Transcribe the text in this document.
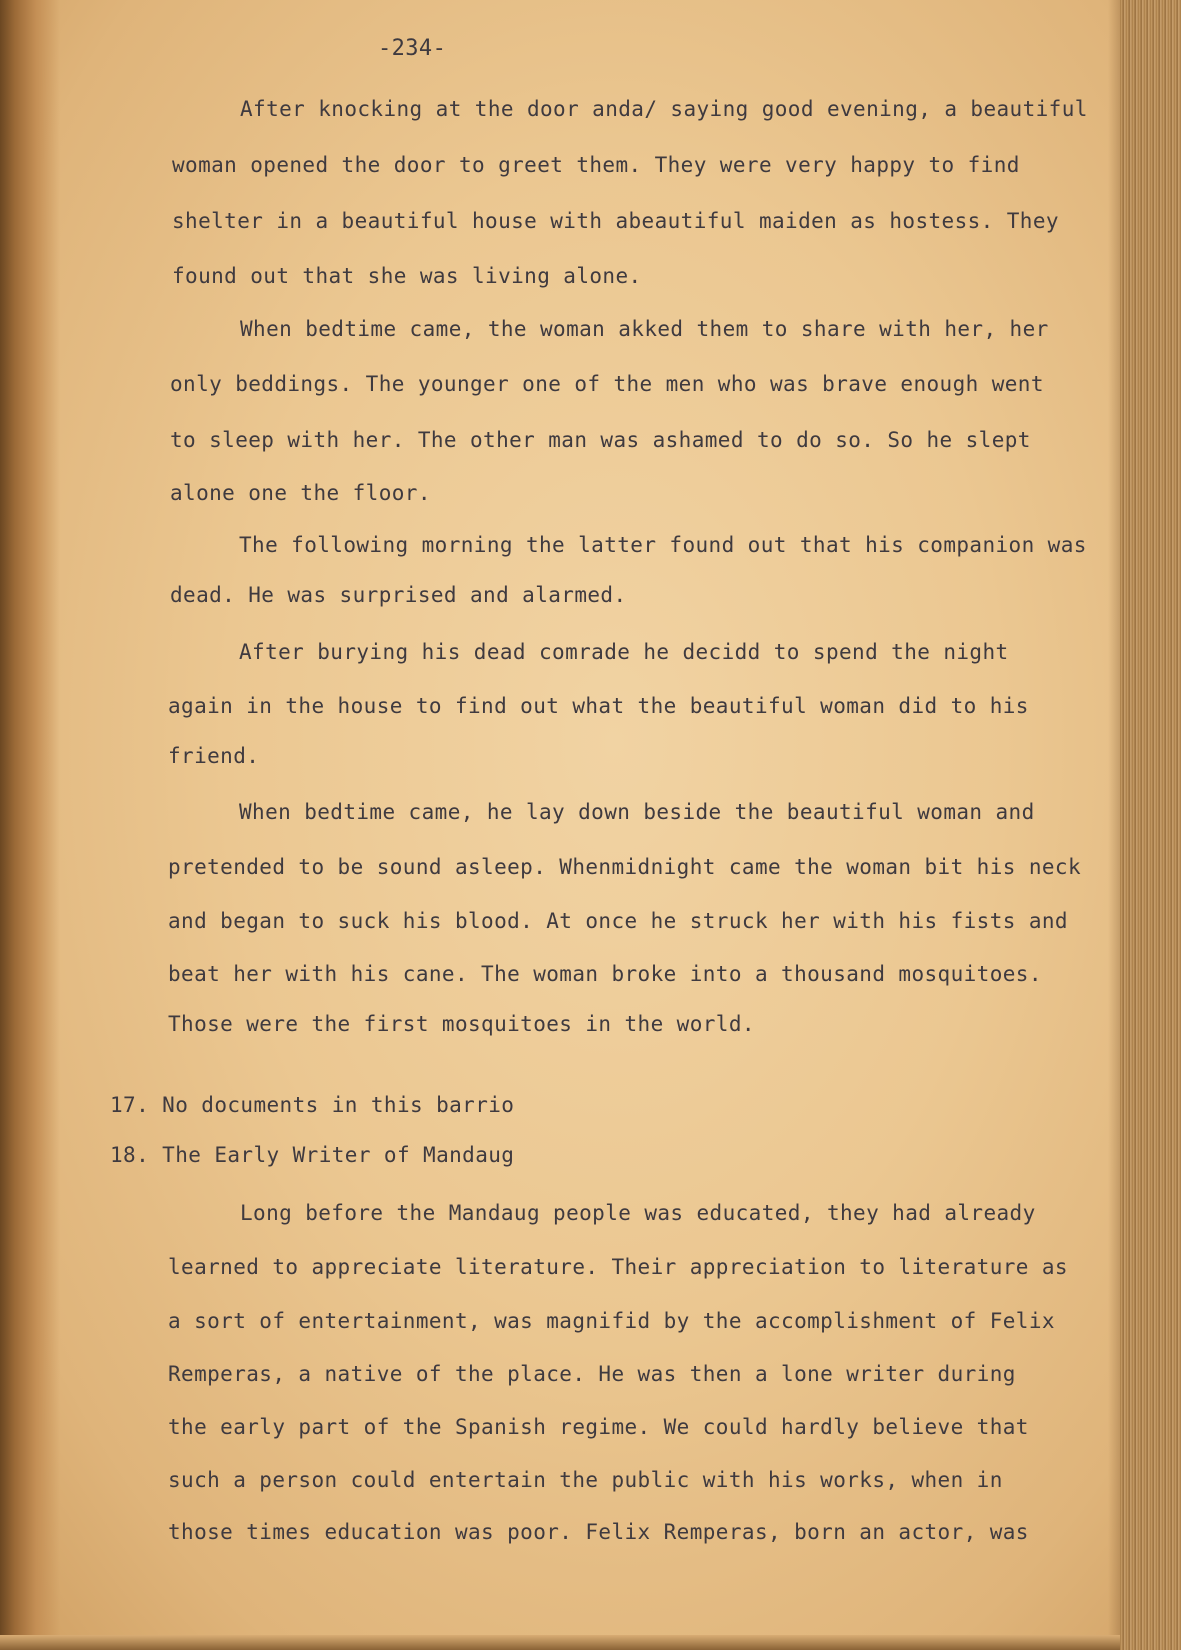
-234-
After knocking at the door anda/ saying good evening, a beautiful
woman opened the door to greet them. They were very happy to find
shelter in a beautiful house with abeautiful maiden as hostess. They
found out that she was living alone.
When bedtime came, the woman akked them to share with her, her
only beddings. The younger one of the men who was brave enough went
to sleep with her. The other man was ashamed to do so. So he slept
alone one the floor.
The following morning the latter found out that his companion was
dead. He was surprised and alarmed.
After burying his dead comrade he decidd to spend the night
again in the house to find out what the beautiful woman did to his
friend.
When bedtime came, he lay down beside the beautiful woman and
pretended to be sound asleep. Whenmidnight came the woman bit his neck
and began to suck his blood. At once he struck her with his fists and
beat her with his cane. The woman broke into a thousand mosquitoes.
Those were the first mosquitoes in the world.
17. No documents in this barrio
18. The Early Writer of Mandaug
Long before the Mandaug people was educated, they had already
learned to appreciate literature. Their appreciation to literature as
a sort of entertainment, was magnifid by the accomplishment of Felix
Remperas, a native of the place. He was then a lone writer during
the early part of the Spanish regime. We could hardly believe that
such a person could entertain the public with his works, when in
those times education was poor. Felix Remperas, born an actor, was
